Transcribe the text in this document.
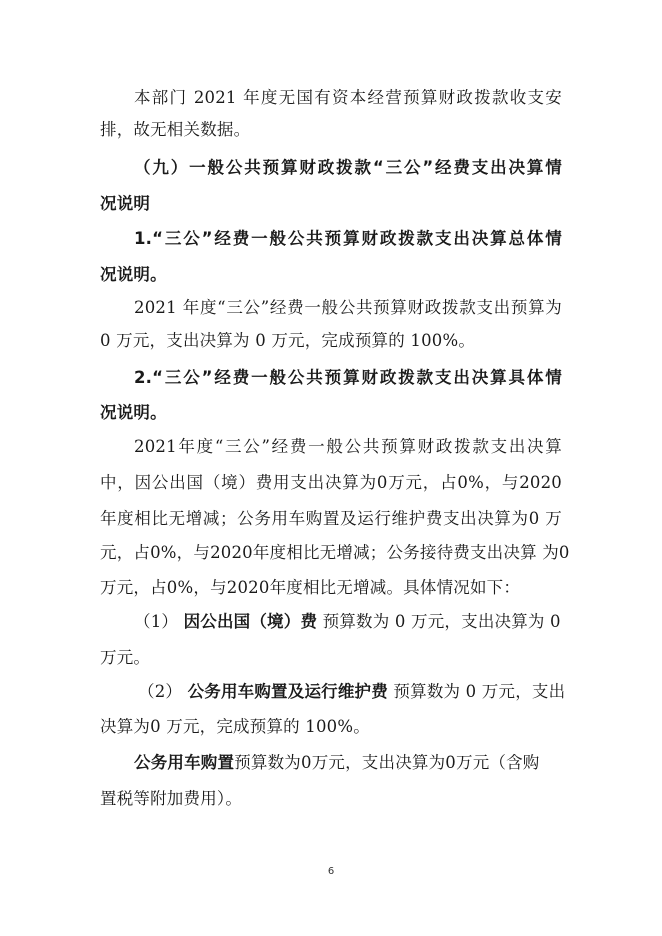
本部门 2021 年度无国有资本经营预算财政拨款收支安
排，故无相关数据。
（九）一般公共预算财政拨款“三公”经费支出决算情
况说明
1.“三公”经费一般公共预算财政拨款支出决算总体情
况说明。
2021 年度“三公”经费一般公共预算财政拨款支出预算为
0 万元，支出决算为 0 万元，完成预算的 100%。
2.“三公”经费一般公共预算财政拨款支出决算具体情
况说明。
2021年度“三公”经费一般公共预算财政拨款支出决算
中，因公出国（境）费用支出决算为0万元，占0%，与2020
年度相比无增减；公务用车购置及运行维护费支出决算为0 万
元，占0%，与2020年度相比无增减；公务接待费支出决算 为0
万元，占0%，与2020年度相比无增减。具体情况如下：
（1） 因公出国（境）费 预算数为 0 万元，支出决算为 0
万元。
（2） 公务用车购置及运行维护费 预算数为 0 万元，支出
决算为0 万元，完成预算的 100%。
公务用车购置预算数为0万元，支出决算为0万元（含购
置税等附加费用）。
6
